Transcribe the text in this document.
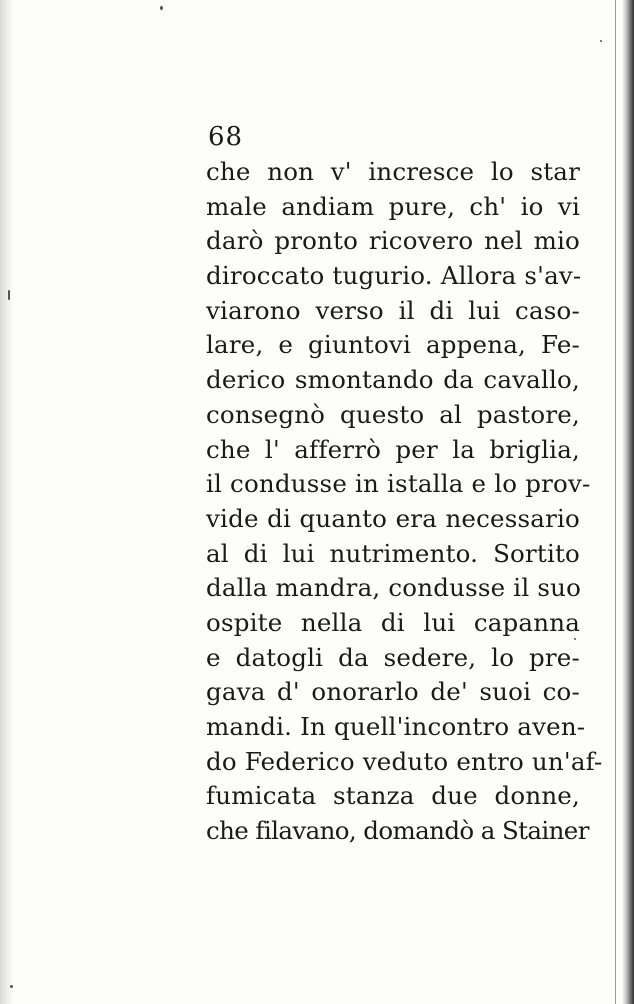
68
che non v' incresce lo star
male andiam pure, ch' io vi
darò pronto ricovero nel mio
diroccato tugurio. Allora s'av-
viarono verso il di lui caso-
lare, e giuntovi appena, Fe-
derico smontando da cavallo,
consegnò questo al pastore,
che l' afferrò per la briglia,
il condusse in istalla e lo prov-
vide di quanto era necessario
al di lui nutrimento. Sortito
dalla mandra, condusse il suo
ospite nella di lui capanna
e datogli da sedere, lo pre-
gava d' onorarlo de' suoi co-
mandi. In quell'incontro aven-
do Federico veduto entro un'af-
fumicata stanza due donne,
che filavano, domandò a Stainer
